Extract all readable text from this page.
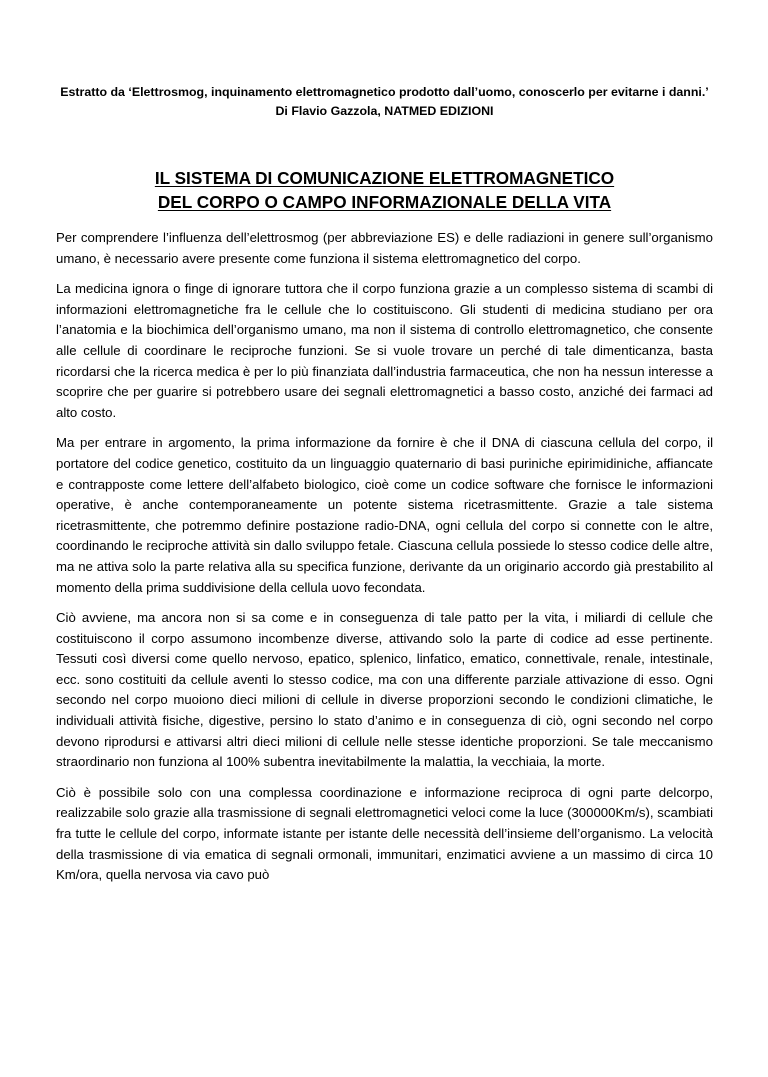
Estratto da ‘Elettrosmog, inquinamento elettromagnetico prodotto dall’uomo, conoscerlo per evitarne i danni.’ Di Flavio Gazzola, NATMED EDIZIONI

IL SISTEMA DI COMUNICAZIONE ELETTROMAGNETICO
DEL CORPO O CAMPO INFORMAZIONALE DELLA VITA

Per comprendere l’influenza dell’elettrosmog (per abbreviazione ES) e delle radiazioni in genere sull’organismo umano, è necessario avere presente come funziona il sistema elettromagnetico del corpo.

La medicina ignora o finge di ignorare tuttora che il corpo funziona grazie a un complesso sistema di scambi di informazioni elettromagnetiche fra le cellule che lo costituiscono. Gli studenti di medicina studiano per ora l’anatomia e la biochimica dell’organismo umano, ma non il sistema di controllo elettromagnetico, che consente alle cellule di coordinare le reciproche funzioni. Se si vuole trovare un perché di tale dimenticanza, basta ricordarsi che la ricerca medica è per lo più finanziata dall’industria farmaceutica, che non ha nessun interesse a scoprire che per guarire si potrebbero usare dei segnali elettromagnetici a basso costo, anziché dei farmaci ad alto costo.

Ma per entrare in argomento, la prima informazione da fornire è che il DNA di ciascuna cellula del corpo, il portatore del codice genetico, costituito da un linguaggio quaternario di basi puriniche epirimidiniche, affiancate e contrapposte come lettere dell’alfabeto biologico, cioè come un codice software che fornisce le informazioni operative, è anche contemporaneamente un potente sistema ricetrasmittente. Grazie a tale sistema ricetrasmittente, che potremmo definire postazione radio-DNA, ogni cellula del corpo si connette con le altre, coordinando le reciproche attività sin dallo sviluppo fetale. Ciascuna cellula possiede lo stesso codice delle altre, ma ne attiva solo la parte relativa alla su specifica funzione, derivante da un originario accordo già prestabilito al momento della prima suddivisione della cellula uovo fecondata.

Ciò avviene, ma ancora non si sa come e in conseguenza di tale patto per la vita, i miliardi di cellule che costituiscono il corpo assumono incombenze diverse, attivando solo la parte di codice ad esse pertinente. Tessuti così diversi come quello nervoso, epatico, splenico, linfatico, ematico, connettivale, renale, intestinale, ecc. sono costituiti da cellule aventi lo stesso codice, ma con una differente parziale attivazione di esso. Ogni secondo nel corpo muoiono dieci milioni di cellule in diverse proporzioni secondo le condizioni climatiche, le individuali attività fisiche, digestive, persino lo stato d’animo e in conseguenza di ciò, ogni secondo nel corpo devono riprodursi e attivarsi altri dieci milioni di cellule nelle stesse identiche proporzioni. Se tale meccanismo straordinario non funziona al 100% subentra inevitabilmente la malattia, la vecchiaia, la morte.

Ciò è possibile solo con una complessa coordinazione e informazione reciproca di ogni parte delcorpo, realizzabile solo grazie alla trasmissione di segnali elettromagnetici veloci come la luce (300000Km/s), scambiati fra tutte le cellule del corpo, informate istante per istante delle necessità dell’insieme dell’organismo. La velocità della trasmissione di via ematica di segnali ormonali, immunitari, enzimatici avviene a un massimo di circa 10 Km/ora, quella nervosa via cavo può
